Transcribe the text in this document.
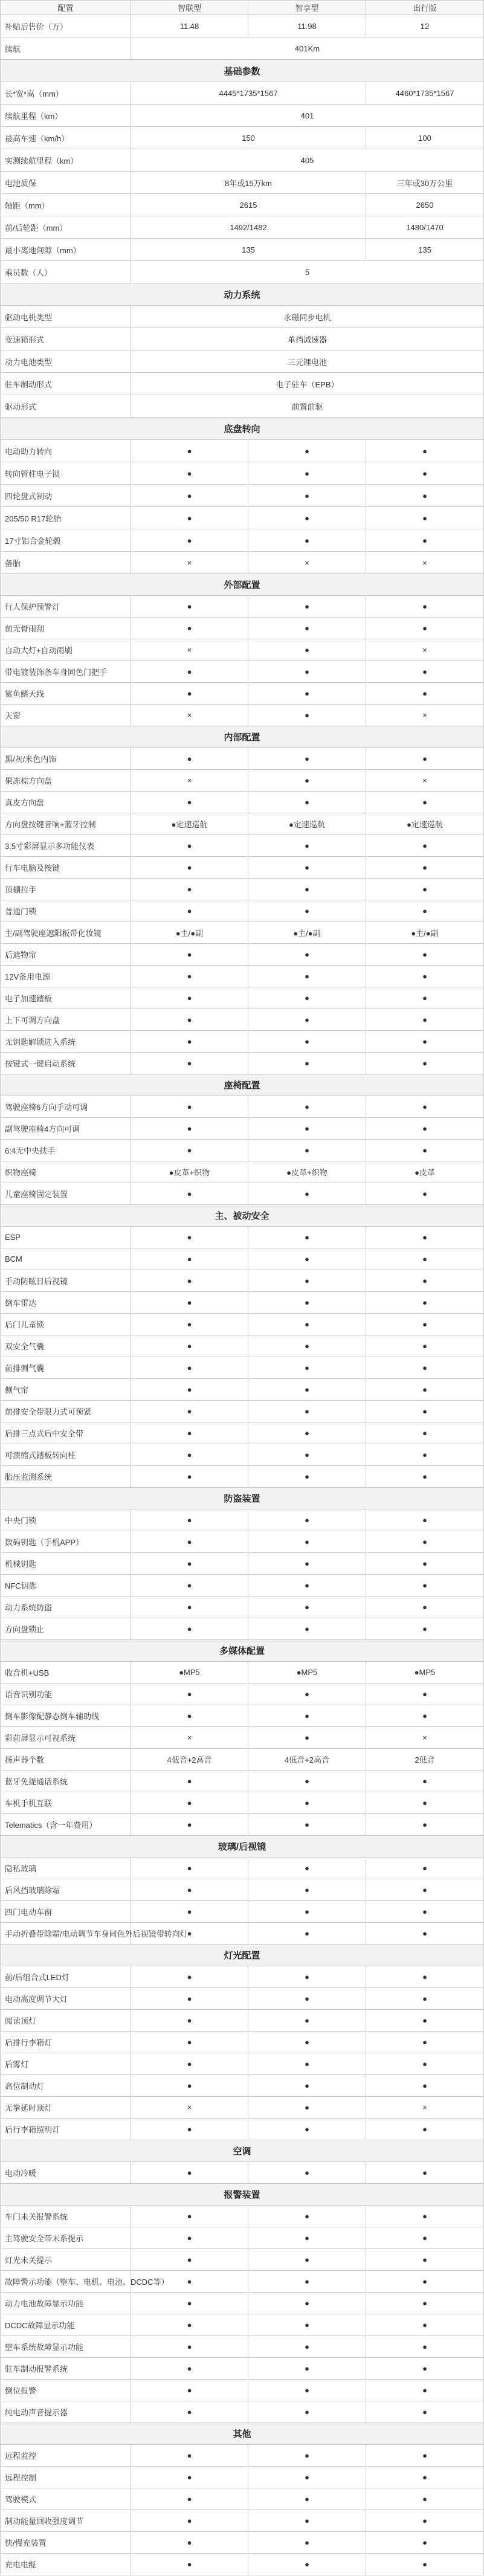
配置	智联型	智享型	出行版
补贴后售价（万）	11.48	11.98	12
续航	401Km		
基础参数			
长*宽*高（mm）	4445*1735*1567		4460*1735*1567
续航里程（km）	401		
最高车速（km/h）	150		100
实测续航里程（km）	405		
电池质保	8年或15万km		三年或30万公里
轴距（mm）	2615		2650
前/后轮距（mm）	1492/1482		1480/1470
最小离地间隙（mm）	135		135
乘员数（人）	5		
动力系统			
驱动电机类型	永磁同步电机		
变速箱形式	单挡减速器		
动力电池类型	三元锂电池		
驻车制动形式	电子驻车（EPB）		
驱动形式	前置前驱		
底盘转向			
电动助力转向	●	●	●
转向管柱电子锁	●	●	●
四轮盘式制动	●	●	●
205/50 R17轮胎	●	●	●
17寸铝合金轮毂	●	●	●
备胎	×	×	×
外部配置			
行人保护预警灯	●	●	●
前无骨雨刮	●	●	●
自动大灯+自动雨刷	×	●	×
带电镀装饰条车身同色门把手	●	●	●
鲨鱼鳍天线	●	●	●
天窗	×	●	×
内部配置			
黑/灰/米色内饰	●	●	●
果冻棕方向盘	×	●	×
真皮方向盘	●	●	●
方向盘按键音响+蓝牙控制	●定速巡航	●定速巡航	●定速巡航
3.5寸彩屏显示多功能仪表	●	●	●
行车电脑及按键	●	●	●
顶棚拉手	●	●	●
普通门锁	●	●	●
主/副驾驶座遮阳板带化妆镜	●主/●副	●主/●副	●主/●副
后遮物帘	●	●	●
12V备用电源	●	●	●
电子加速踏板	●	●	●
上下可调方向盘	●	●	●
无钥匙解锁进入系统	●	●	●
按键式一键启动系统	●	●	●
座椅配置			
驾驶座椅6方向手动可调	●	●	●
副驾驶座椅4方向可调	●	●	●
6:4无中央扶手	●	●	●
织物座椅	●皮革+织物	●皮革+织物	●皮革
儿童座椅固定装置	●	●	●
主、被动安全			
ESP	●	●	●
BCM	●	●	●
手动防眩目后视镜	●	●	●
倒车雷达	●	●	●
后门儿童锁	●	●	●
双安全气囊	●	●	●
前排侧气囊	●	●	●
侧气帘	●	●	●
前排安全带限力式可预紧	●	●	●
后排三点式后中安全带	●	●	●
可溃缩式踏板转向柱	●	●	●
胎压监测系统	●	●	●
防盗装置			
中央门锁	●	●	●
数码钥匙（手机APP）	●	●	●
机械钥匙	●	●	●
NFC钥匙	●	●	●
动力系统防盗	●	●	●
方向盘锁止	●	●	●
多媒体配置			
收音机+USB	●MP5	●MP5	●MP5
语音识别功能	●	●	●
倒车影像配静态倒车辅助线	●	●	●
彩前屏显示可视系统	×	●	×
扬声器个数	4低音+2高音	4低音+2高音	2低音
蓝牙免提通话系统	●	●	●
车机手机互联	●	●	●
Telematics（含一年费用）	●	●	●
玻璃/后视镜			
隐私玻璃	●	●	●
后风挡玻璃除霜	●	●	●
四门电动车窗	●	●	●
手动折叠带除霜/电动调节车身同色外后视镜带转向灯	●	●	●
灯光配置			
前/后组合式LED灯	●	●	●
电动高度调节大灯	●	●	●
阅读顶灯	●	●	●
后排行李箱灯	●	●	●
后雾灯	●	●	●
高位制动灯	●	●	●
无拳延时顶灯	×	●	×
后行李箱照明灯	●	●	●
空调			
电动冷暖	●	●	●
报警装置			
车门未关报警系统	●	●	●
主驾驶安全带未系提示	●	●	●
灯光未关提示	●	●	●
故障警示功能（整车、电机、电池、DCDC等）	●	●	●
动力电池故障显示功能	●	●	●
DCDC故障显示功能	●	●	●
整车系统故障显示功能	●	●	●
驻车制动报警系统	●	●	●
倒位报警	●	●	●
纯电动声音提示器	●	●	●
其他			
远程监控	●	●	●
远程控制	●	●	●
驾驶模式	●	●	●
制动能量回收强度调节	●	●	●
快/慢充装置	●	●	●
充电电缆	●	●	●
